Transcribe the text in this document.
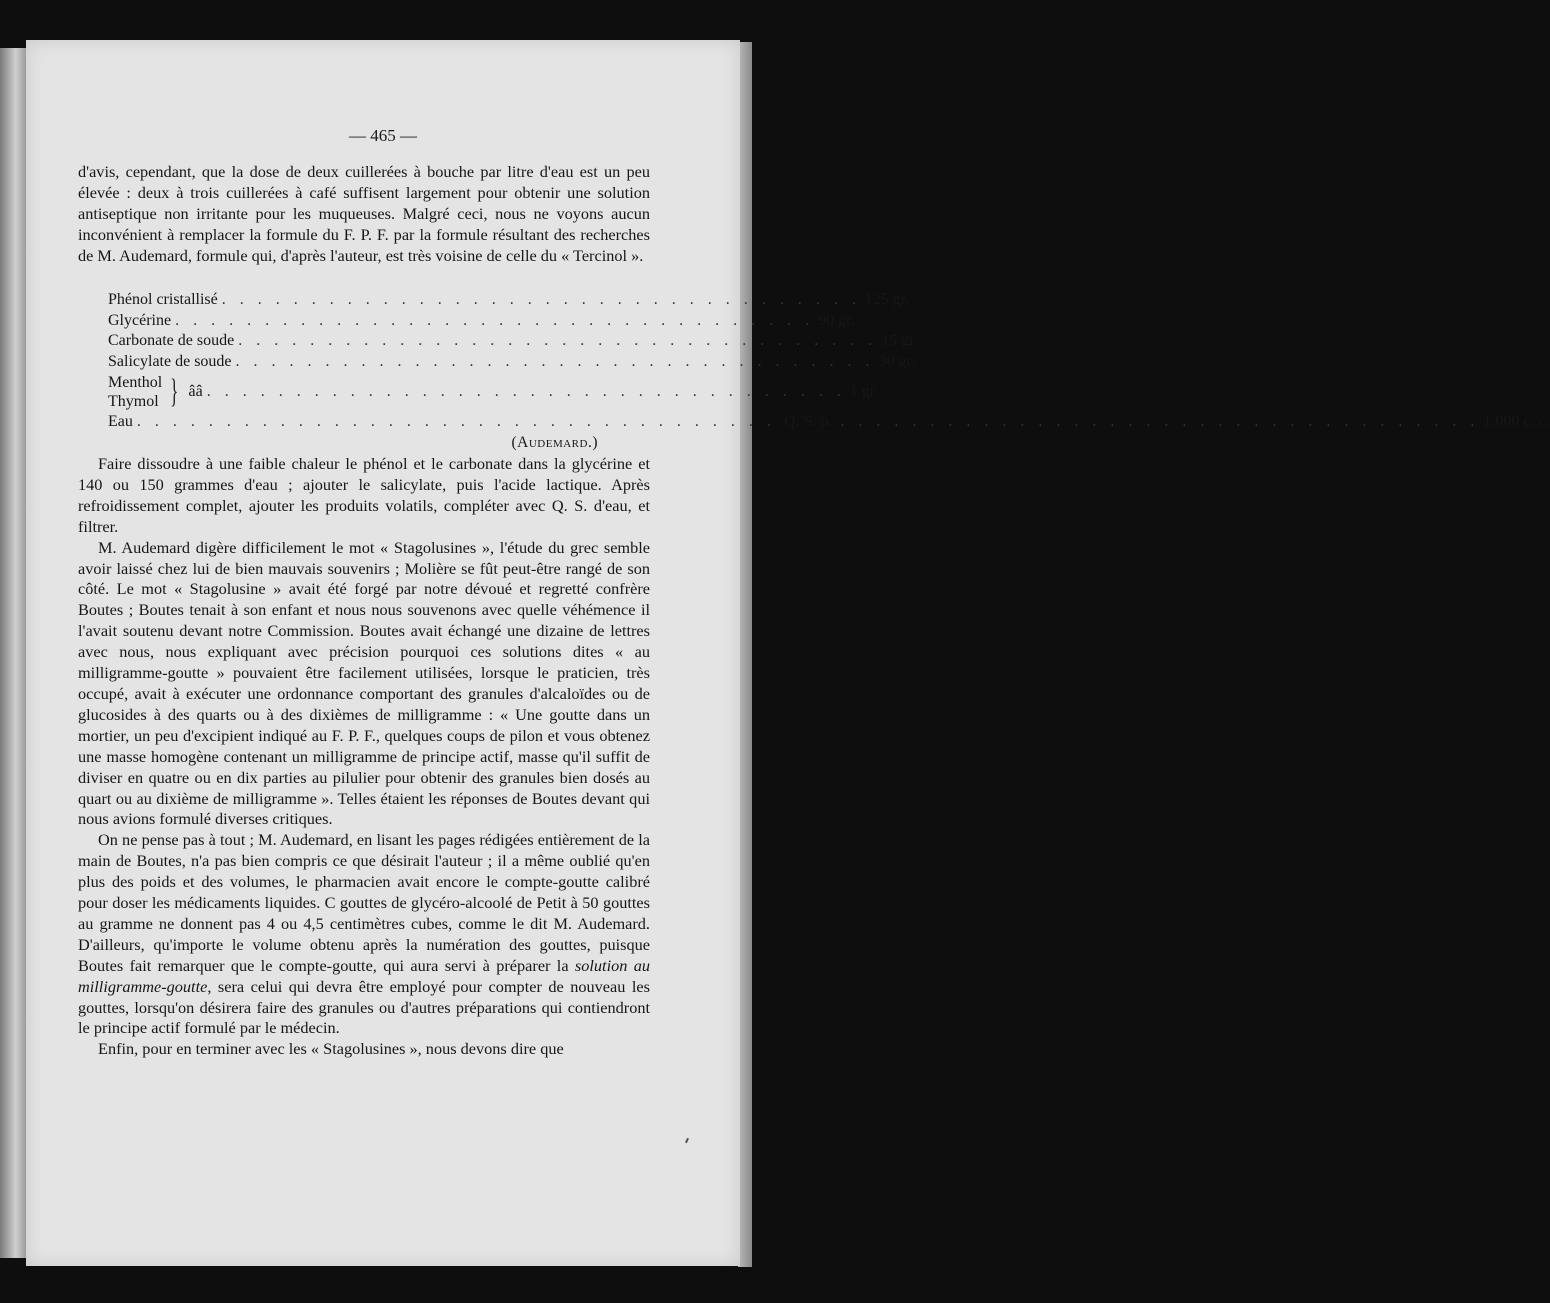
— 465 —

d'avis, cependant, que la dose de deux cuillerées à bouche par litre d'eau est un peu élevée : deux à trois cuillerées à café suffisent largement pour obtenir une solution antiseptique non irritante pour les muqueuses. Malgré ceci, nous ne voyons aucun inconvénient à remplacer la formule du F. P. F. par la formule résultant des recherches de M. Audemard, formule qui, d'après l'auteur, est très voisine de celle du « Tercinol ».

Phénol cristallisé . . . . . . . . . . . . . . . . . . . . . . . . . . . . . . . . . . . . 125 gr.
Glycérine . . . . . . . . . . . . . . . . . . . . . . . . . . . . . . . . . . . . 90 gr.
Carbonate de soude . . . . . . . . . . . . . . . . . . . . . . . . . . . . . . . . . . . . 15 gr.
Salicylate de soude . . . . . . . . . . . . . . . . . . . . . . . . . . . . . . . . . . . . 30 gr.
Menthol
Thymol } ââ . . . . . . . . . . . . . . . . . . . . . . . . . . . . . . . . . . . . 1 gr.
Eau . . . . . . . . . . . . . . . . . . . . . . . . . . . . . . . . . . . . Q. S. p. . . . . . . . . . . . . . . . . . . . . . . . . . . . . . . . . . . . . 1.000 c. c.
(Audemard.)

Faire dissoudre à une faible chaleur le phénol et le carbonate dans la glycérine et 140 ou 150 grammes d'eau ; ajouter le salicylate, puis l'acide lactique. Après refroidissement complet, ajouter les produits volatils, compléter avec Q. S. d'eau, et filtrer.

M. Audemard digère difficilement le mot « Stagolusines », l'étude du grec semble avoir laissé chez lui de bien mauvais souvenirs ; Molière se fût peut-être rangé de son côté. Le mot « Stagolusine » avait été forgé par notre dévoué et regretté confrère Boutes ; Boutes tenait à son enfant et nous nous souvenons avec quelle véhémence il l'avait soutenu devant notre Commission. Boutes avait échangé une dizaine de lettres avec nous, nous expliquant avec précision pourquoi ces solutions dites « au milligramme-goutte » pouvaient être facilement utilisées, lorsque le praticien, très occupé, avait à exécuter une ordonnance comportant des granules d'alcaloïdes ou de glucosides à des quarts ou à des dixièmes de milligramme : « Une goutte dans un mortier, un peu d'excipient indiqué au F. P. F., quelques coups de pilon et vous obtenez une masse homogène contenant un milligramme de principe actif, masse qu'il suffit de diviser en quatre ou en dix parties au pilulier pour obtenir des granules bien dosés au quart ou au dixième de milligramme ». Telles étaient les réponses de Boutes devant qui nous avions formulé diverses critiques.

On ne pense pas à tout ; M. Audemard, en lisant les pages rédigées entièrement de la main de Boutes, n'a pas bien compris ce que désirait l'auteur ; il a même oublié qu'en plus des poids et des volumes, le pharmacien avait encore le compte-goutte calibré pour doser les médicaments liquides. C gouttes de glycéro-alcoolé de Petit à 50 gouttes au gramme ne donnent pas 4 ou 4,5 centimètres cubes, comme le dit M. Audemard. D'ailleurs, qu'importe le volume obtenu après la numération des gouttes, puisque Boutes fait remarquer que le compte-goutte, qui aura servi à préparer la solution au milligramme-goutte, sera celui qui devra être employé pour compter de nouveau les gouttes, lorsqu'on désirera faire des granules ou d'autres préparations qui contiendront le principe actif formulé par le médecin.

Enfin, pour en terminer avec les « Stagolusines », nous devons dire que
